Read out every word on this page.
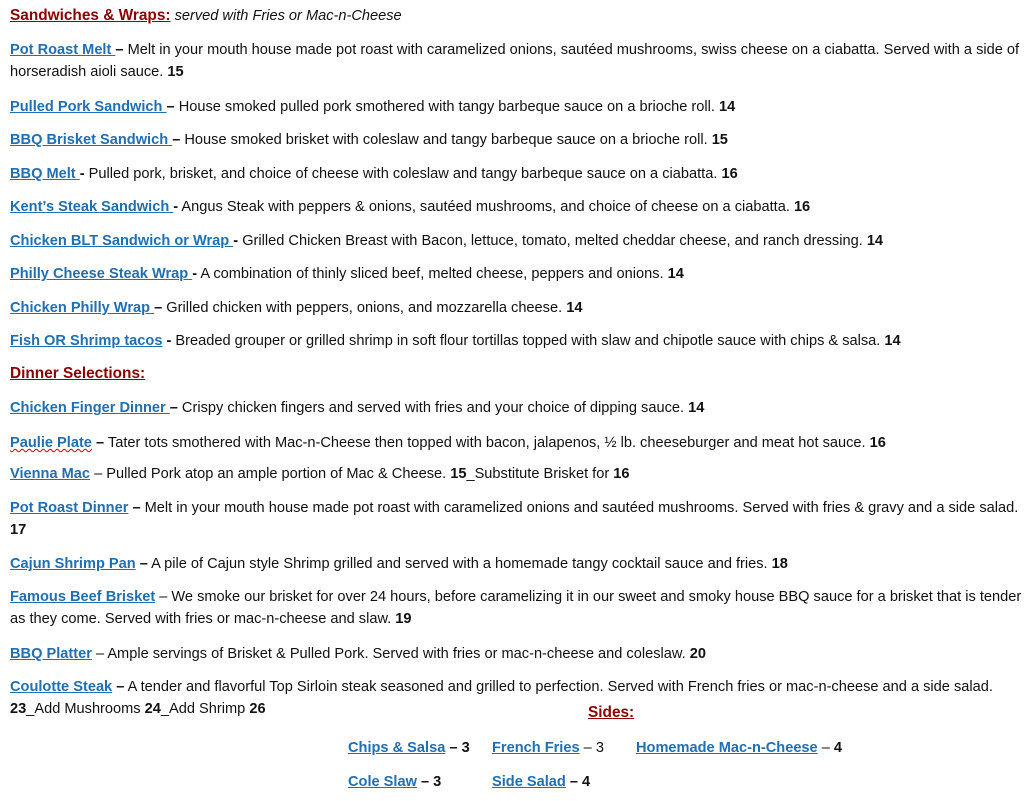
Sandwiches & Wraps: served with Fries or Mac-n-Cheese
Pot Roast Melt – Melt in your mouth house made pot roast with caramelized onions, sautéed mushrooms, swiss cheese on a ciabatta. Served with a side of horseradish aioli sauce. 15
Pulled Pork Sandwich – House smoked pulled pork smothered with tangy barbeque sauce on a brioche roll. 14
BBQ Brisket Sandwich – House smoked brisket with coleslaw and tangy barbeque sauce on a brioche roll. 15
BBQ Melt - Pulled pork, brisket, and choice of cheese with coleslaw and tangy barbeque sauce on a ciabatta. 16
Kent’s Steak Sandwich - Angus Steak with peppers & onions, sautéed mushrooms, and choice of cheese on a ciabatta. 16
Chicken BLT Sandwich or Wrap - Grilled Chicken Breast with Bacon, lettuce, tomato, melted cheddar cheese, and ranch dressing. 14
Philly Cheese Steak Wrap - A combination of thinly sliced beef, melted cheese, peppers and onions. 14
Chicken Philly Wrap – Grilled chicken with peppers, onions, and mozzarella cheese. 14
Fish OR Shrimp tacos - Breaded grouper or grilled shrimp in soft flour tortillas topped with slaw and chipotle sauce with chips & salsa. 14
Dinner Selections:
Chicken Finger Dinner – Crispy chicken fingers and served with fries and your choice of dipping sauce. 14
Paulie Plate – Tater tots smothered with Mac-n-Cheese then topped with bacon, jalapenos, ½ lb. cheeseburger and meat hot sauce. 16
Vienna Mac – Pulled Pork atop an ample portion of Mac & Cheese. 15_Substitute Brisket for 16
Pot Roast Dinner – Melt in your mouth house made pot roast with caramelized onions and sautéed mushrooms. Served with fries & gravy and a side salad. 17
Cajun Shrimp Pan – A pile of Cajun style Shrimp grilled and served with a homemade tangy cocktail sauce and fries. 18
Famous Beef Brisket – We smoke our brisket for over 24 hours, before caramelizing it in our sweet and smoky house BBQ sauce for a brisket that is tender as they come. Served with fries or mac-n-cheese and slaw. 19
BBQ Platter – Ample servings of Brisket & Pulled Pork. Served with fries or mac-n-cheese and coleslaw. 20
Coulotte Steak – A tender and flavorful Top Sirloin steak seasoned and grilled to perfection. Served with French fries or mac-n-cheese and a side salad. 23_Add Mushrooms 24_Add Shrimp 26	Sides:
Chips & Salsa – 3 French Fries – 3 Homemade Mac-n-Cheese – 4
Cole Slaw – 3	Side Salad – 4
